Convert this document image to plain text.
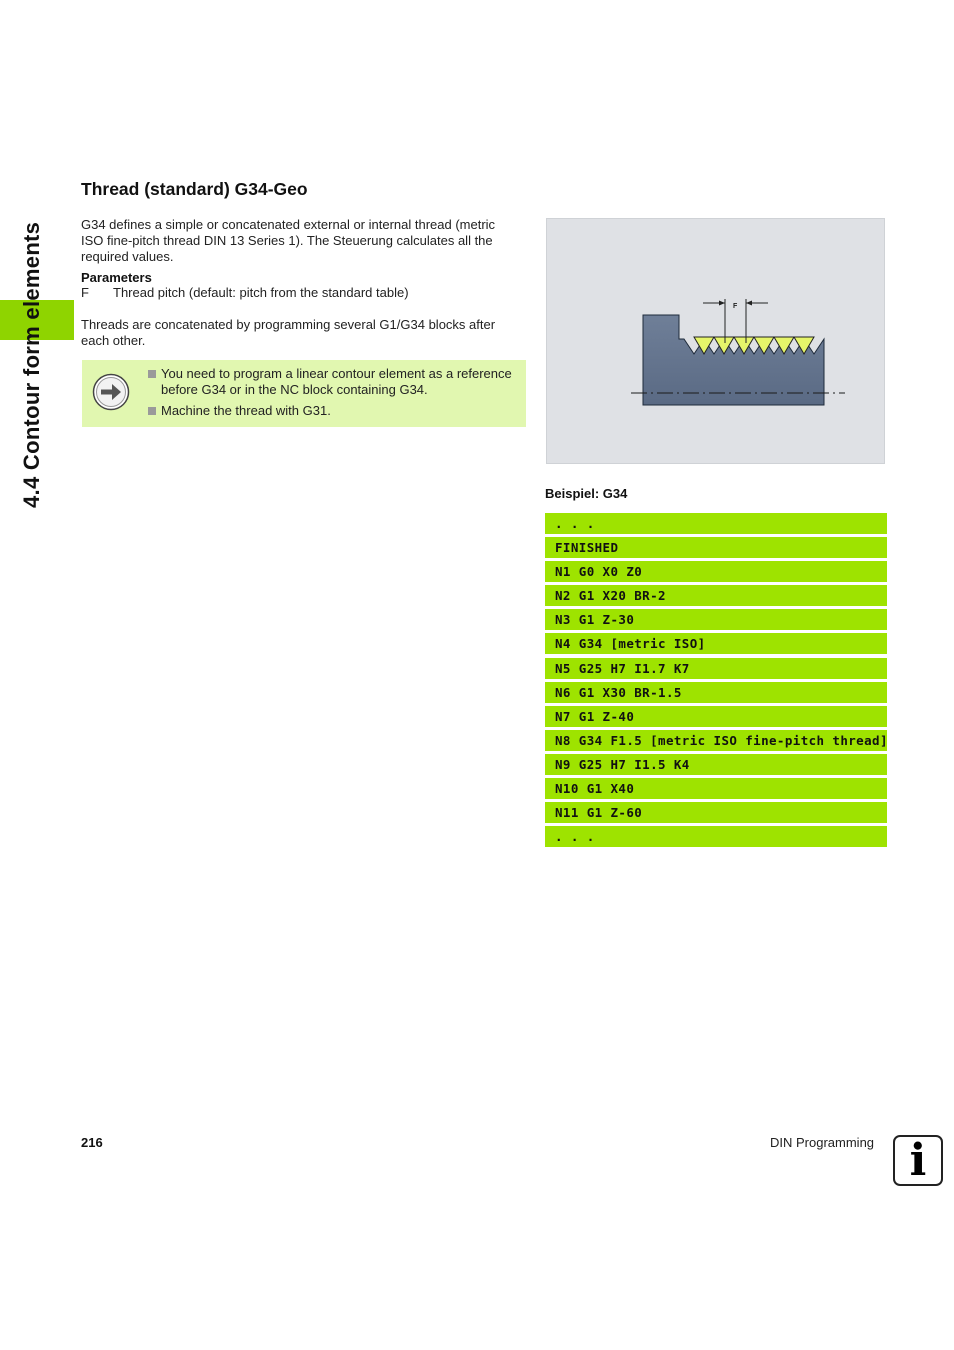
4.4 Contour form elements
Thread (standard) G34-Geo

G34 defines a simple or concatenated external or internal thread (metric ISO fine-pitch thread DIN 13 Series 1). The Steuerung calculates all the required values.

Parameters
F Thread pitch (default: pitch from the standard table)

Threads are concatenated by programming several G1/G34 blocks after each other.

You need to program a linear contour element as a reference before G34 or in the NC block containing G34.
Machine the thread with G31.
F
Beispiel: G34
. . .
FINISHED
N1 G0 X0 Z0
N2 G1 X20 BR-2
N3 G1 Z-30
N4 G34 [metric ISO]
N5 G25 H7 I1.7 K7
N6 G1 X30 BR-1.5
N7 G1 Z-40
N8 G34 F1.5 [metric ISO fine-pitch thread]
N9 G25 H7 I1.5 K4
N10 G1 X40
N11 G1 Z-60
. . .
216	DIN Programming i
